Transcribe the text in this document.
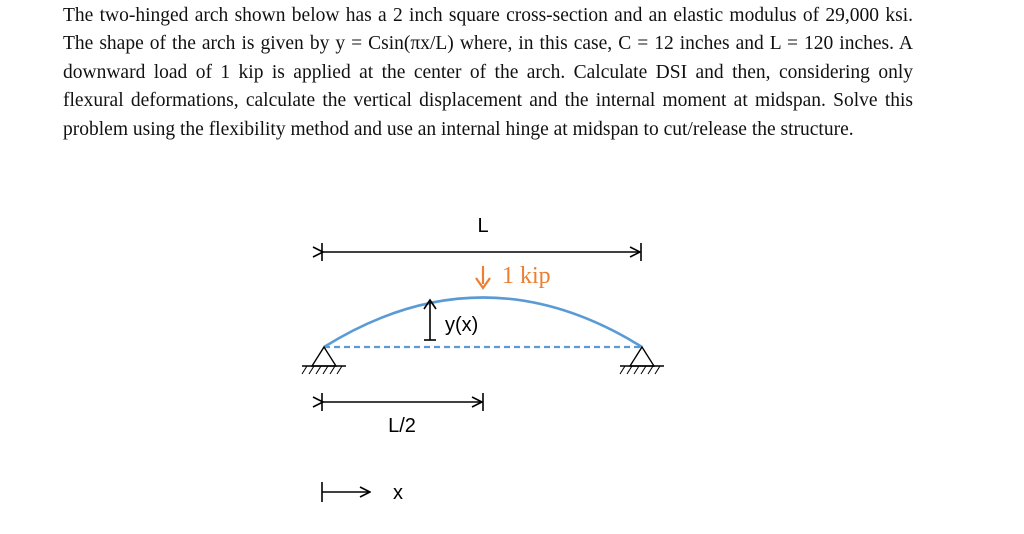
The two-hinged arch shown below has a 2 inch square cross-section and an elastic modulus of 29,000 ksi. The shape of the arch is given by y = Csin(πx/L) where, in this case, C = 12 inches and L = 120 inches. A downward load of 1 kip is applied at the center of the arch. Calculate DSI and then, considering only flexural deformations, calculate the vertical displacement and the internal moment at midspan. Solve this problem using the flexibility method and use an internal hinge at midspan to cut/release the structure.

L
1 kip
y(x)
L/2
x
